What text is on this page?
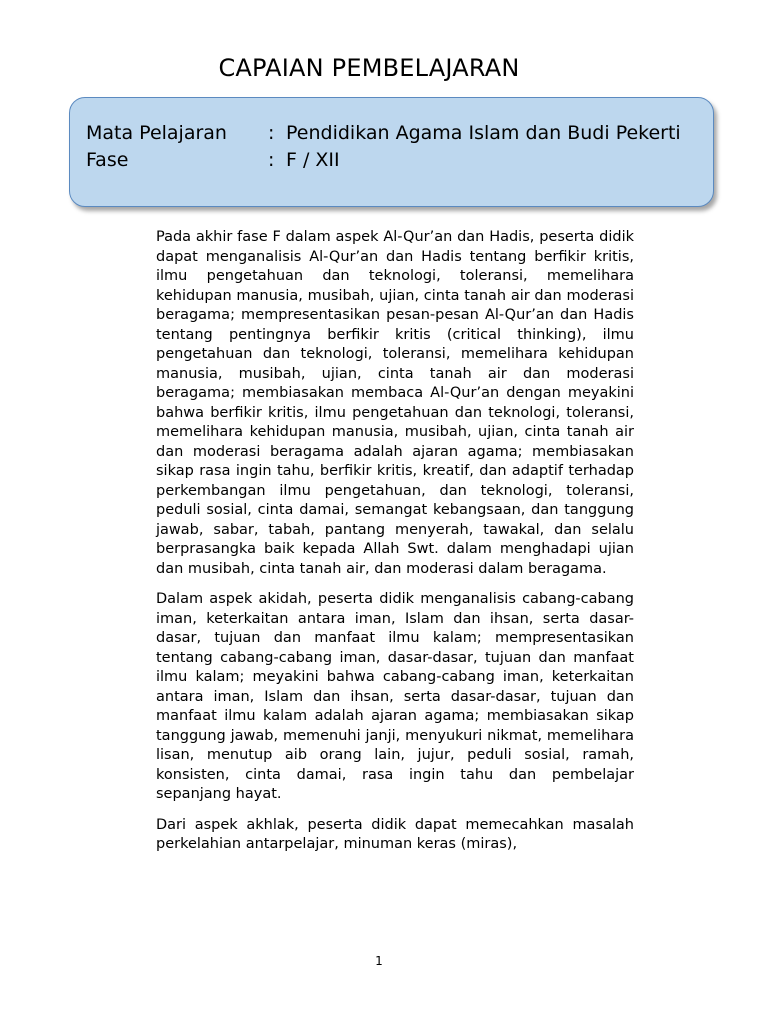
CAPAIAN PEMBELAJARAN
Mata Pelajaran : Pendidikan Agama Islam dan Budi Pekerti
Fase	: F / XII

Pada akhir fase F dalam aspek Al-Qur’an dan Hadis, peserta didik dapat menganalisis Al-Qur’an dan Hadis tentang berfikir kritis, ilmu pengetahuan dan teknologi, toleransi, memelihara kehidupan manusia, musibah, ujian, cinta tanah air dan moderasi beragama; mempresentasikan pesan-pesan Al-Qur’an dan Hadis tentang pentingnya berfikir kritis (critical thinking), ilmu pengetahuan dan teknologi, toleransi, memelihara kehidupan manusia, musibah, ujian, cinta tanah air dan moderasi beragama; membiasakan membaca Al-Qur’an dengan meyakini bahwa berfikir kritis, ilmu pengetahuan dan teknologi, toleransi, memelihara kehidupan manusia, musibah, ujian, cinta tanah air dan moderasi beragama adalah ajaran agama; membiasakan sikap rasa ingin tahu, berfikir kritis, kreatif, dan adaptif terhadap perkembangan ilmu pengetahuan, dan teknologi, toleransi, peduli sosial, cinta damai, semangat kebangsaan, dan tanggung jawab, sabar, tabah, pantang menyerah, tawakal, dan selalu berprasangka baik kepada Allah Swt. dalam menghadapi ujian dan musibah, cinta tanah air, dan moderasi dalam beragama.

Dalam aspek akidah, peserta didik menganalisis cabang-cabang iman, keterkaitan antara iman, Islam dan ihsan, serta dasar-dasar, tujuan dan manfaat ilmu kalam; mempresentasikan tentang cabang-cabang iman, dasar-dasar, tujuan dan manfaat ilmu kalam; meyakini bahwa cabang-cabang iman, keterkaitan antara iman, Islam dan ihsan, serta dasar-dasar, tujuan dan manfaat ilmu kalam adalah ajaran agama; membiasakan sikap tanggung jawab, memenuhi janji, menyukuri nikmat, memelihara lisan, menutup aib orang lain, jujur, peduli sosial, ramah, konsisten, cinta damai, rasa ingin tahu dan pembelajar sepanjang hayat.

Dari aspek akhlak, peserta didik dapat memecahkan masalah perkelahian antarpelajar, minuman keras (miras),

1
